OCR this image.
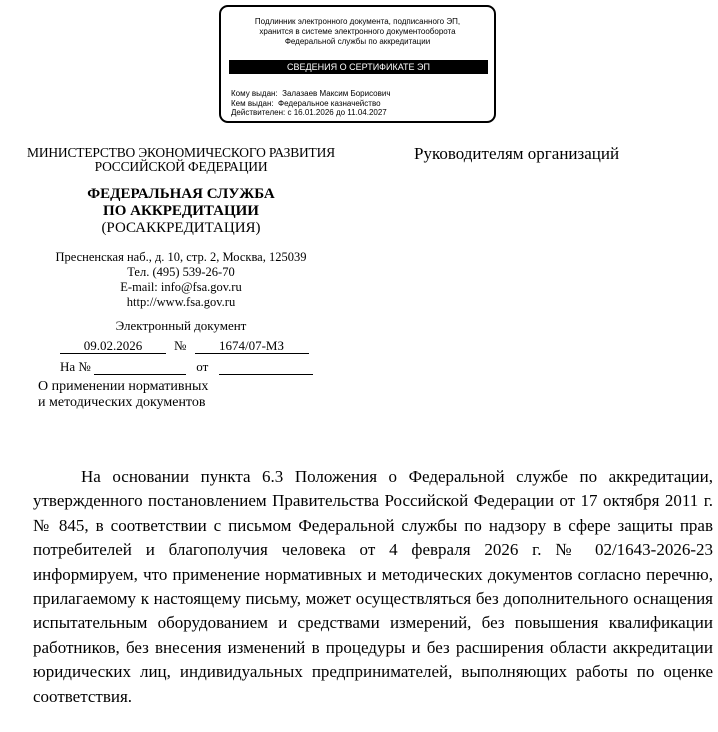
Подлинник электронного документа, подписанного ЭП,
хранится в системе электронного документооборота
Федеральной службы по аккредитации
СВЕДЕНИЯ О СЕРТИФИКАТЕ ЭП
Кому выдан: Залазаев Максим Борисович
Кем выдан: Федеральное казначейство
Действителен: с 16.01.2026 до 11.04.2027
МИНИСТЕРСТВО ЭКОНОМИЧЕСКОГО РАЗВИТИЯ
РОССИЙСКОЙ ФЕДЕРАЦИИ
ФЕДЕРАЛЬНАЯ СЛУЖБА
ПО АККРЕДИТАЦИИ
(РОСАККРЕДИТАЦИЯ)
Пресненская наб., д. 10, стр. 2, Москва, 125039
Тел. (495) 539-26-70
E-mail: info@fsa.gov.ru
http://www.fsa.gov.ru
Электронный документ
09.02.2026 №	1674/07-МЗ
На №	от
О применении нормативных
и методических документов
Руководителям организаций
На основании пункта 6.3 Положения о Федеральной службе по аккредитации, утвержденного постановлением Правительства Российской Федерации от 17 октября 2011 г. № 845, в соответствии с письмом Федеральной службы по надзору в сфере защиты прав потребителей и благополучия человека от 4 февраля 2026 г. № 02/1643-2026-23 информируем, что применение нормативных и методических документов согласно перечню, прилагаемому к настоящему письму, может осуществляться без дополнительного оснащения испытательным оборудованием и средствами измерений, без повышения квалификации работников, без внесения изменений в процедуры и без расширения области аккредитации юридических лиц, индивидуальных предпринимателей, выполняющих работы по оценке соответствия.
